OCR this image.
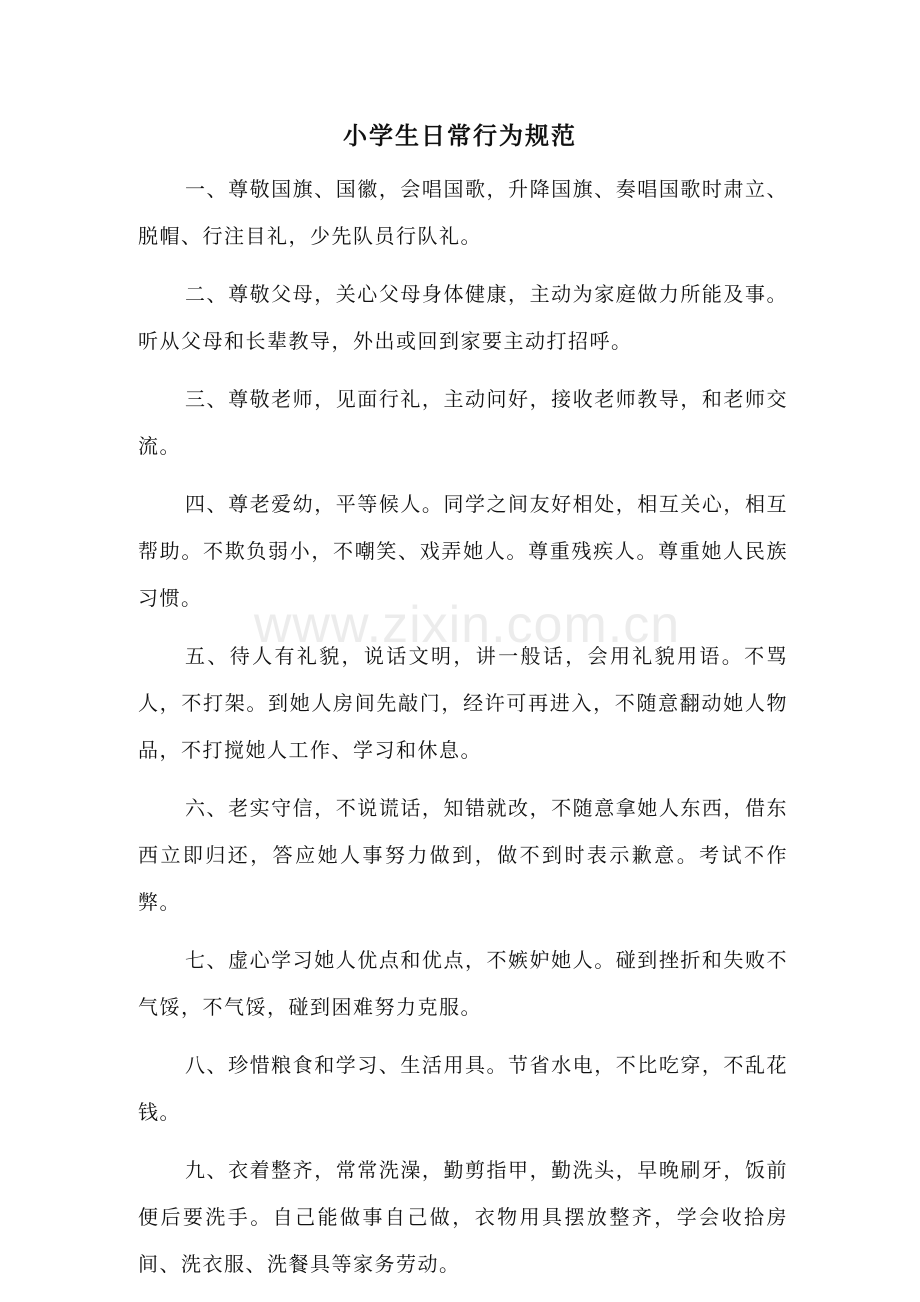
小学生日常行为规范

一、尊敬国旗、国徽，会唱国歌，升降国旗、奏唱国歌时肃立、脱帽、行注目礼，少先队员行队礼。

二、尊敬父母，关心父母身体健康，主动为家庭做力所能及事。听从父母和长辈教导，外出或回到家要主动打招呼。

三、尊敬老师，见面行礼，主动问好，接收老师教导，和老师交流。

四、尊老爱幼，平等候人。同学之间友好相处，相互关心，相互帮助。不欺负弱小，不嘲笑、戏弄她人。尊重残疾人。尊重她人民族习惯。

五、待人有礼貌，说话文明，讲一般话，会用礼貌用语。不骂人，不打架。到她人房间先敲门，经许可再进入，不随意翻动她人物品，不打搅她人工作、学习和休息。

六、老实守信，不说谎话，知错就改，不随意拿她人东西，借东西立即归还，答应她人事努力做到，做不到时表示歉意。考试不作弊。

七、虚心学习她人优点和优点，不嫉妒她人。碰到挫折和失败不气馁，不气馁，碰到困难努力克服。

八、珍惜粮食和学习、生活用具。节省水电，不比吃穿，不乱花钱。

九、衣着整齐，常常洗澡，勤剪指甲，勤洗头，早晚刷牙，饭前便后要洗手。自己能做事自己做，衣物用具摆放整齐，学会收拾房间、洗衣服、洗餐具等家务劳动。

www.zixin.com.cn
